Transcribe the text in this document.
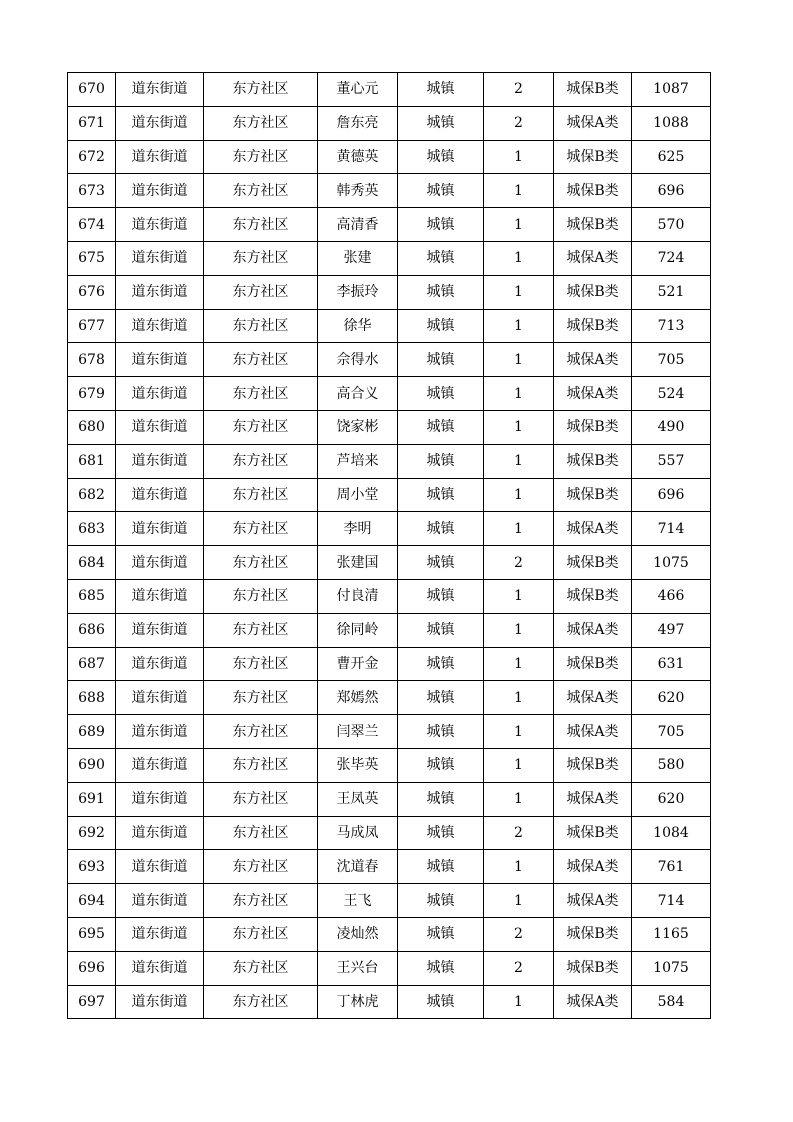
670	道东街道	东方社区	董心元	城镇	2	城保B类	1087
671	道东街道	东方社区	詹东亮	城镇	2	城保A类	1088
672	道东街道	东方社区	黄德英	城镇	1	城保B类	625
673	道东街道	东方社区	韩秀英	城镇	1	城保B类	696
674	道东街道	东方社区	高清香	城镇	1	城保B类	570
675	道东街道	东方社区	张建	城镇	1	城保A类	724
676	道东街道	东方社区	李振玲	城镇	1	城保B类	521
677	道东街道	东方社区	徐华	城镇	1	城保B类	713
678	道东街道	东方社区	佘得水	城镇	1	城保A类	705
679	道东街道	东方社区	高合义	城镇	1	城保A类	524
680	道东街道	东方社区	饶家彬	城镇	1	城保B类	490
681	道东街道	东方社区	芦培来	城镇	1	城保B类	557
682	道东街道	东方社区	周小堂	城镇	1	城保B类	696
683	道东街道	东方社区	李明	城镇	1	城保A类	714
684	道东街道	东方社区	张建国	城镇	2	城保B类	1075
685	道东街道	东方社区	付良清	城镇	1	城保B类	466
686	道东街道	东方社区	徐同岭	城镇	1	城保A类	497
687	道东街道	东方社区	曹开金	城镇	1	城保B类	631
688	道东街道	东方社区	郑嫣然	城镇	1	城保A类	620
689	道东街道	东方社区	闫翠兰	城镇	1	城保A类	705
690	道东街道	东方社区	张毕英	城镇	1	城保B类	580
691	道东街道	东方社区	王凤英	城镇	1	城保A类	620
692	道东街道	东方社区	马成凤	城镇	2	城保B类	1084
693	道东街道	东方社区	沈道春	城镇	1	城保A类	761
694	道东街道	东方社区	王飞	城镇	1	城保A类	714
695	道东街道	东方社区	凌灿然	城镇	2	城保B类	1165
696	道东街道	东方社区	王兴台	城镇	2	城保B类	1075
697	道东街道	东方社区	丁林虎	城镇	1	城保A类	584
